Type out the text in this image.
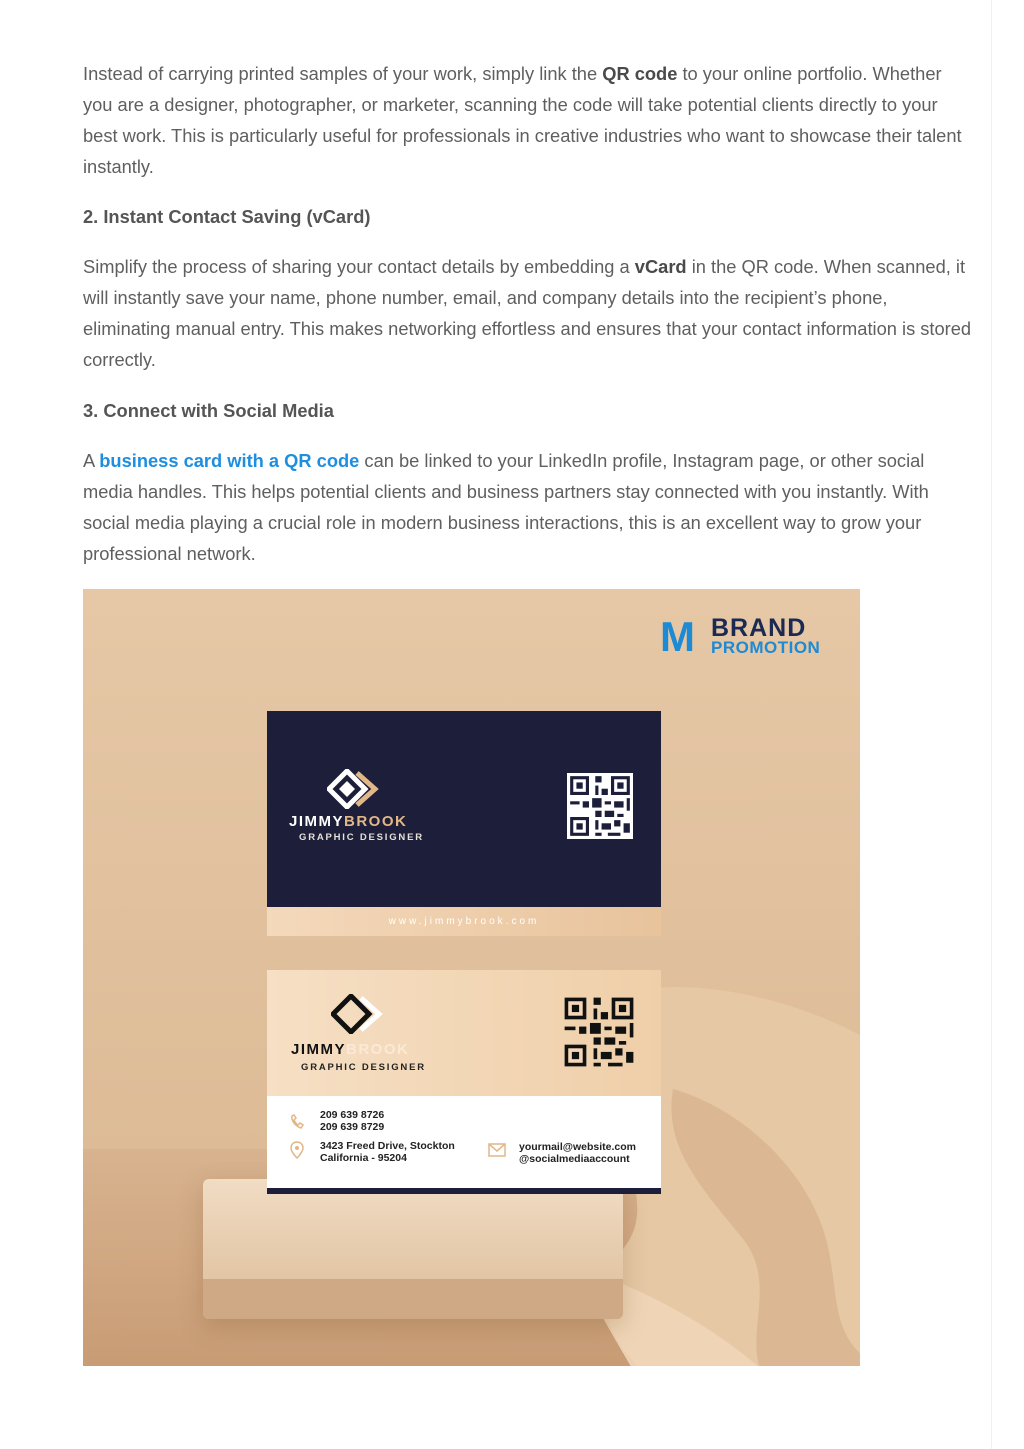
Instead of carrying printed samples of your work, simply link the QR code to your online portfolio. Whether you are a designer, photographer, or marketer, scanning the code will take potential clients directly to your best work. This is particularly useful for professionals in creative industries who want to showcase their talent instantly.

2. Instant Contact Saving (vCard)

Simplify the process of sharing your contact details by embedding a vCard in the QR code. When scanned, it will instantly save your name, phone number, email, and company details into the recipient’s phone, eliminating manual entry. This makes networking effortless and ensures that your contact information is stored correctly.

3. Connect with Social Media

A business card with a QR code can be linked to your LinkedIn profile, Instagram page, or other social media handles. This helps potential clients and business partners stay connected with you instantly. With social media playing a crucial role in modern business interactions, this is an excellent way to grow your professional network.

M BRAND
PROMOTION
JIMMYBROOK
GRAPHIC DESIGNER
www.jimmybrook.com
JIMMYBROOK
GRAPHIC DESIGNER
209 639 8726
209 639 8729
3423 Freed Drive, Stockton
California - 95204
yourmail@website.com
@socialmediaaccount
